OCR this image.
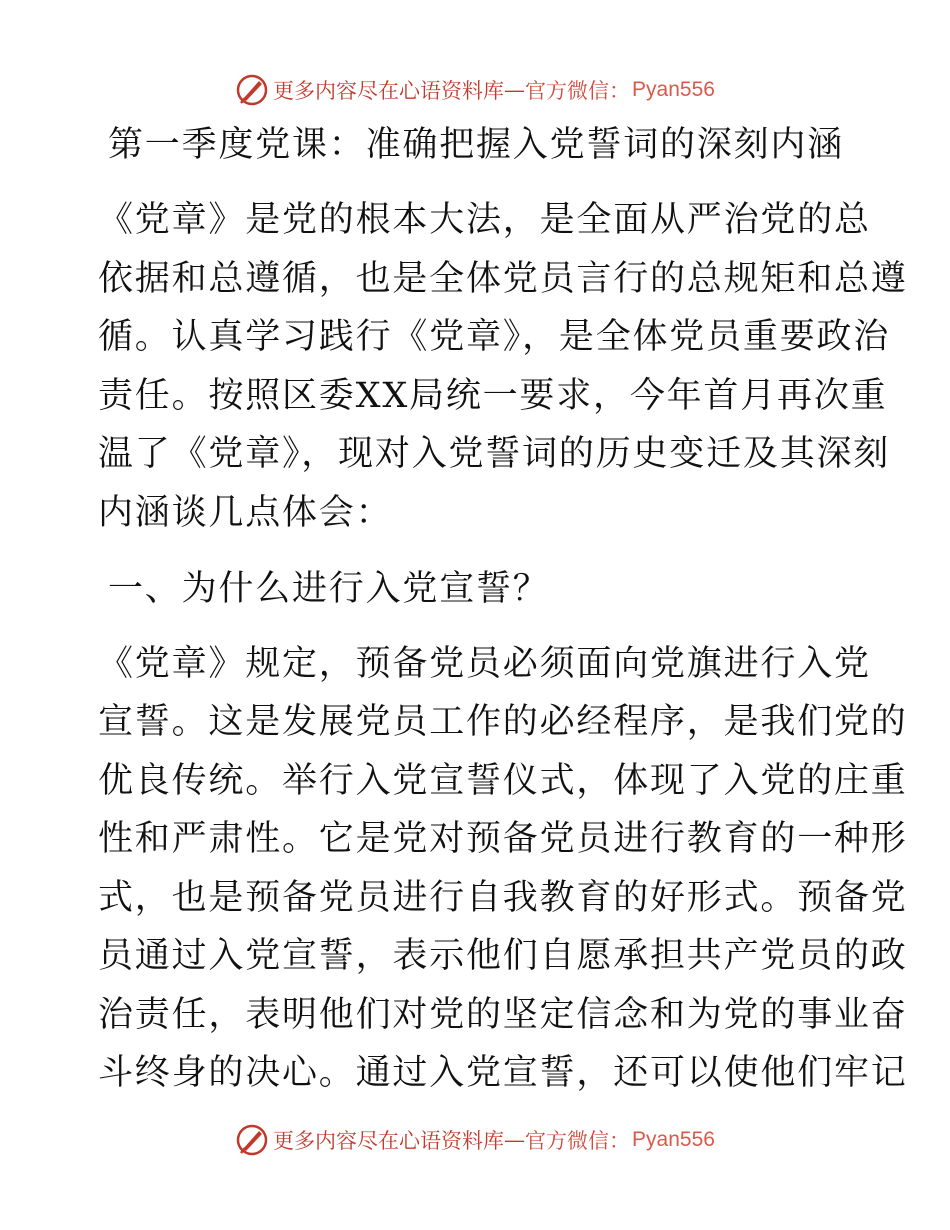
更多内容尽在心语资料库 — 官方微信： Pyan556
第一季度党课：准确把握入党誓词的深刻内涵
《党章》是党的根本大法，是全面从严治党的总
依据和总遵循，也是全体党员言行的总规矩和总遵
循。认真学习践行《党章》，是全体党员重要政治
责任。按照区委XX局统一要求，今年首月再次重
温了《党章》，现对入党誓词的历史变迁及其深刻
内涵谈几点体会：
一、为什么进行入党宣誓？
《党章》规定，预备党员必须面向党旗进行入党
宣誓。这是发展党员工作的必经程序，是我们党的
优良传统。举行入党宣誓仪式，体现了入党的庄重
性和严肃性。它是党对预备党员进行教育的一种形
式，也是预备党员进行自我教育的好形式。预备党
员通过入党宣誓，表示他们自愿承担共产党员的政
治责任，表明他们对党的坚定信念和为党的事业奋
斗终身的决心。通过入党宣誓，还可以使他们牢记
更多内容尽在心语资料库 — 官方微信： Pyan556
